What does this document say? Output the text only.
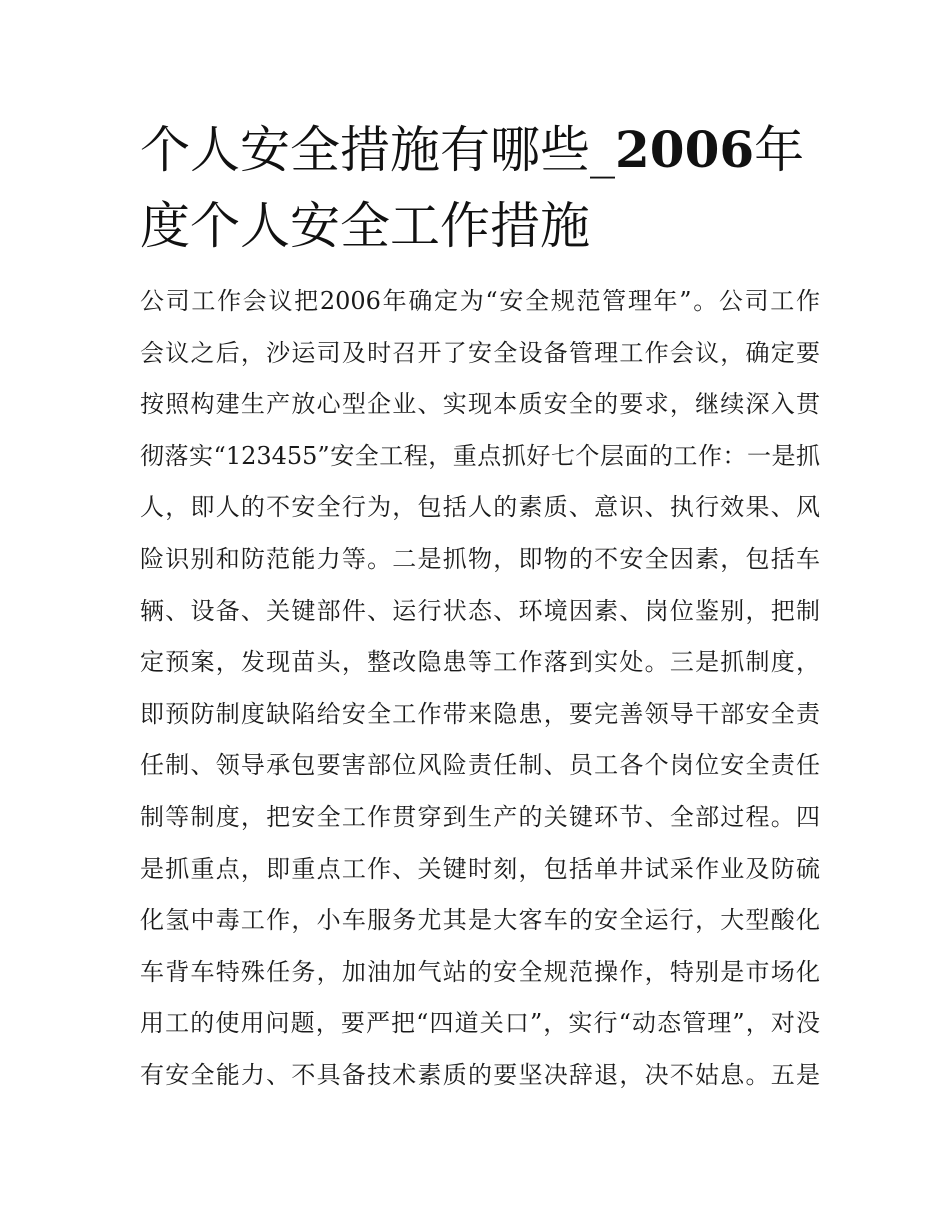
个人安全措施有哪些_2006年
度个人安全工作措施
公司工作会议把2006年确定为“安全规范管理年”。公司工作
会议之后，沙运司及时召开了安全设备管理工作会议，确定要
按照构建生产放心型企业、实现本质安全的要求，继续深入贯
彻落实“123455”安全工程，重点抓好七个层面的工作：一是抓
人，即人的不安全行为，包括人的素质、意识、执行效果、风
险识别和防范能力等。二是抓物，即物的不安全因素，包括车
辆、设备、关键部件、运行状态、环境因素、岗位鉴别，把制
定预案，发现苗头，整改隐患等工作落到实处。三是抓制度，
即预防制度缺陷给安全工作带来隐患，要完善领导干部安全责
任制、领导承包要害部位风险责任制、员工各个岗位安全责任
制等制度，把安全工作贯穿到生产的关键环节、全部过程。四
是抓重点，即重点工作、关键时刻，包括单井试采作业及防硫
化氢中毒工作，小车服务尤其是大客车的安全运行，大型酸化
车背车特殊任务，加油加气站的安全规范操作，特别是市场化
用工的使用问题，要严把“四道关口”，实行“动态管理”，对没
有安全能力、不具备技术素质的要坚决辞退，决不姑息。五是
